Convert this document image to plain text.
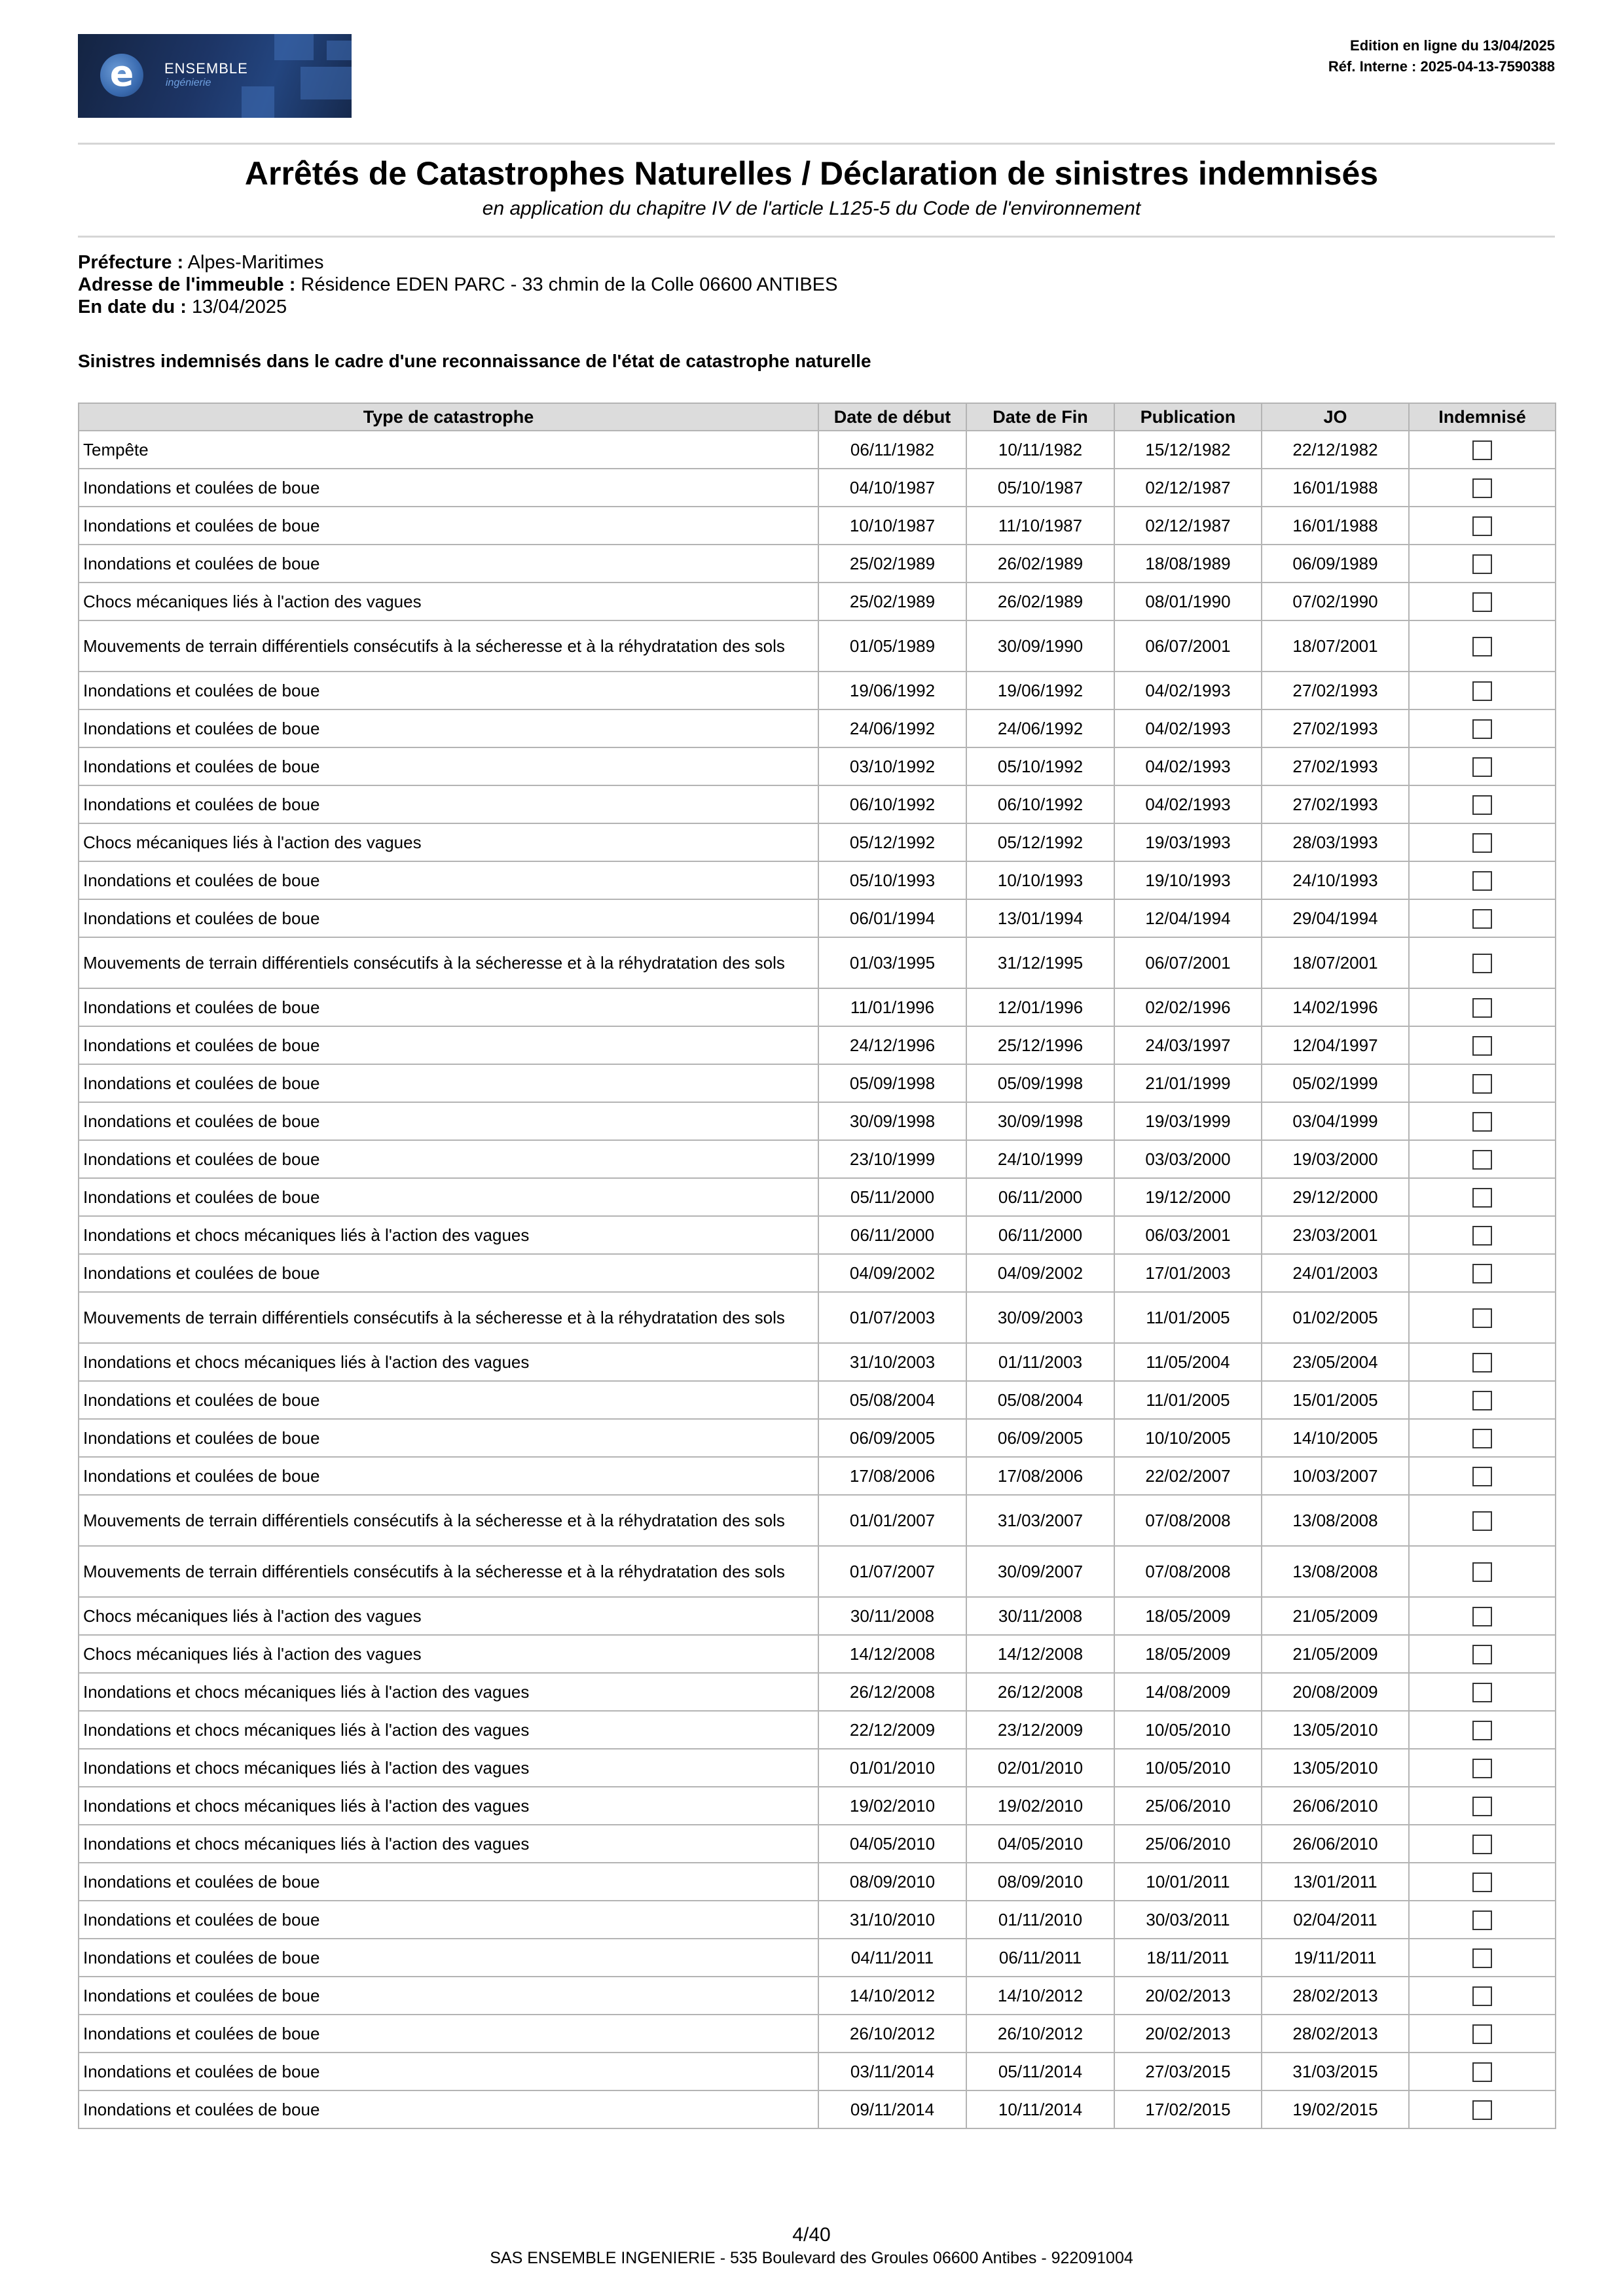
e	ENSEMBLE
ingénierie
Edition en ligne du 13/04/2025
Réf. Interne : 2025-04-13-7590388
Arrêtés de Catastrophes Naturelles / Déclaration de sinistres indemnisés
en application du chapitre IV de l'article L125-5 du Code de l'environnement
Préfecture : Alpes-Maritimes
Adresse de l'immeuble : Résidence EDEN PARC - 33 chmin de la Colle 06600 ANTIBES
En date du : 13/04/2025
Sinistres indemnisés dans le cadre d'une reconnaissance de l'état de catastrophe naturelle
Type de catastrophe	Date de début	Date de Fin	Publication	JO	Indemnisé
Tempête	06/11/1982	10/11/1982	15/12/1982	22/12/1982	
Inondations et coulées de boue	04/10/1987	05/10/1987	02/12/1987	16/01/1988	
Inondations et coulées de boue	10/10/1987	11/10/1987	02/12/1987	16/01/1988	
Inondations et coulées de boue	25/02/1989	26/02/1989	18/08/1989	06/09/1989	
Chocs mécaniques liés à l'action des vagues	25/02/1989	26/02/1989	08/01/1990	07/02/1990	
Mouvements de terrain différentiels consécutifs à la sécheresse et à la réhydratation des sols	01/05/1989	30/09/1990	06/07/2001	18/07/2001	
Inondations et coulées de boue	19/06/1992	19/06/1992	04/02/1993	27/02/1993	
Inondations et coulées de boue	24/06/1992	24/06/1992	04/02/1993	27/02/1993	
Inondations et coulées de boue	03/10/1992	05/10/1992	04/02/1993	27/02/1993	
Inondations et coulées de boue	06/10/1992	06/10/1992	04/02/1993	27/02/1993	
Chocs mécaniques liés à l'action des vagues	05/12/1992	05/12/1992	19/03/1993	28/03/1993	
Inondations et coulées de boue	05/10/1993	10/10/1993	19/10/1993	24/10/1993	
Inondations et coulées de boue	06/01/1994	13/01/1994	12/04/1994	29/04/1994	
Mouvements de terrain différentiels consécutifs à la sécheresse et à la réhydratation des sols	01/03/1995	31/12/1995	06/07/2001	18/07/2001	
Inondations et coulées de boue	11/01/1996	12/01/1996	02/02/1996	14/02/1996	
Inondations et coulées de boue	24/12/1996	25/12/1996	24/03/1997	12/04/1997	
Inondations et coulées de boue	05/09/1998	05/09/1998	21/01/1999	05/02/1999	
Inondations et coulées de boue	30/09/1998	30/09/1998	19/03/1999	03/04/1999	
Inondations et coulées de boue	23/10/1999	24/10/1999	03/03/2000	19/03/2000	
Inondations et coulées de boue	05/11/2000	06/11/2000	19/12/2000	29/12/2000	
Inondations et chocs mécaniques liés à l'action des vagues	06/11/2000	06/11/2000	06/03/2001	23/03/2001	
Inondations et coulées de boue	04/09/2002	04/09/2002	17/01/2003	24/01/2003	
Mouvements de terrain différentiels consécutifs à la sécheresse et à la réhydratation des sols	01/07/2003	30/09/2003	11/01/2005	01/02/2005	
Inondations et chocs mécaniques liés à l'action des vagues	31/10/2003	01/11/2003	11/05/2004	23/05/2004	
Inondations et coulées de boue	05/08/2004	05/08/2004	11/01/2005	15/01/2005	
Inondations et coulées de boue	06/09/2005	06/09/2005	10/10/2005	14/10/2005	
Inondations et coulées de boue	17/08/2006	17/08/2006	22/02/2007	10/03/2007	
Mouvements de terrain différentiels consécutifs à la sécheresse et à la réhydratation des sols	01/01/2007	31/03/2007	07/08/2008	13/08/2008	
Mouvements de terrain différentiels consécutifs à la sécheresse et à la réhydratation des sols	01/07/2007	30/09/2007	07/08/2008	13/08/2008	
Chocs mécaniques liés à l'action des vagues	30/11/2008	30/11/2008	18/05/2009	21/05/2009	
Chocs mécaniques liés à l'action des vagues	14/12/2008	14/12/2008	18/05/2009	21/05/2009	
Inondations et chocs mécaniques liés à l'action des vagues	26/12/2008	26/12/2008	14/08/2009	20/08/2009	
Inondations et chocs mécaniques liés à l'action des vagues	22/12/2009	23/12/2009	10/05/2010	13/05/2010	
Inondations et chocs mécaniques liés à l'action des vagues	01/01/2010	02/01/2010	10/05/2010	13/05/2010	
Inondations et chocs mécaniques liés à l'action des vagues	19/02/2010	19/02/2010	25/06/2010	26/06/2010	
Inondations et chocs mécaniques liés à l'action des vagues	04/05/2010	04/05/2010	25/06/2010	26/06/2010	
Inondations et coulées de boue	08/09/2010	08/09/2010	10/01/2011	13/01/2011	
Inondations et coulées de boue	31/10/2010	01/11/2010	30/03/2011	02/04/2011	
Inondations et coulées de boue	04/11/2011	06/11/2011	18/11/2011	19/11/2011	
Inondations et coulées de boue	14/10/2012	14/10/2012	20/02/2013	28/02/2013	
Inondations et coulées de boue	26/10/2012	26/10/2012	20/02/2013	28/02/2013	
Inondations et coulées de boue	03/11/2014	05/11/2014	27/03/2015	31/03/2015	
Inondations et coulées de boue	09/11/2014	10/11/2014	17/02/2015	19/02/2015	
4/40
SAS ENSEMBLE INGENIERIE - 535 Boulevard des Groules 06600 Antibes - 922091004
